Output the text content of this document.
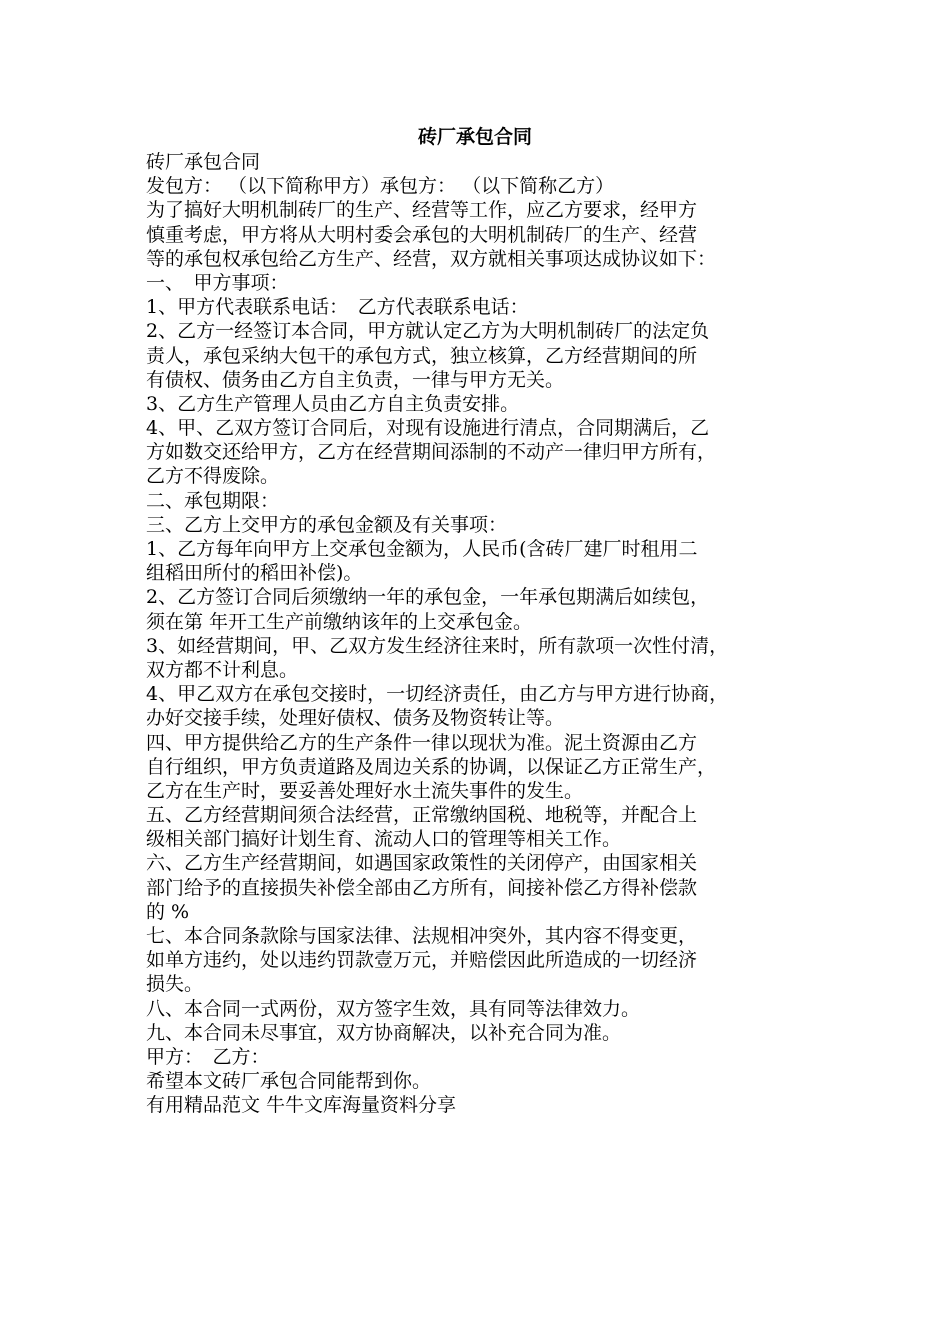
砖厂承包合同
砖厂承包合同
发包方： （以下简称甲方）承包方： （以下简称乙方）
为了搞好大明机制砖厂的生产、经营等工作，应乙方要求，经甲方
慎重考虑，甲方将从大明村委会承包的大明机制砖厂的生产、经营
等的承包权承包给乙方生产、经营，双方就相关事项达成协议如下：
一、　甲方事项：
1、甲方代表联系电话：　乙方代表联系电话：
2、乙方一经签订本合同，甲方就认定乙方为大明机制砖厂的法定负
责人，承包采纳大包干的承包方式，独立核算，乙方经营期间的所
有债权、债务由乙方自主负责，一律与甲方无关。
3、乙方生产管理人员由乙方自主负责安排。
4、甲、乙双方签订合同后，对现有设施进行清点，合同期满后，乙
方如数交还给甲方，乙方在经营期间添制的不动产一律归甲方所有，
乙方不得废除。
二、承包期限：
三、乙方上交甲方的承包金额及有关事项：
1、乙方每年向甲方上交承包金额为，人民币(含砖厂建厂时租用二
组稻田所付的稻田补偿)。
2、乙方签订合同后须缴纳一年的承包金，一年承包期满后如续包，
须在第 年开工生产前缴纳该年的上交承包金。
3、如经营期间，甲、乙双方发生经济往来时，所有款项一次性付清，
双方都不计利息。
4、甲乙双方在承包交接时，一切经济责任，由乙方与甲方进行协商，
办好交接手续，处理好债权、债务及物资转让等。
四、甲方提供给乙方的生产条件一律以现状为准。泥土资源由乙方
自行组织，甲方负责道路及周边关系的协调，以保证乙方正常生产，
乙方在生产时，要妥善处理好水土流失事件的发生。
五、乙方经营期间须合法经营，正常缴纳国税、地税等，并配合上
级相关部门搞好计划生育、流动人口的管理等相关工作。
六、乙方生产经营期间，如遇国家政策性的关闭停产，由国家相关
部门给予的直接损失补偿全部由乙方所有，间接补偿乙方得补偿款
的 %
七、本合同条款除与国家法律、法规相冲突外，其内容不得变更，
如单方违约，处以违约罚款壹万元，并赔偿因此所造成的一切经济
损失。
八、本合同一式两份，双方签字生效，具有同等法律效力。
九、本合同未尽事宜，双方协商解决，以补充合同为准。
甲方：　乙方：
希望本文砖厂承包合同能帮到你。
有用精品范文 牛牛文库海量资料分享
